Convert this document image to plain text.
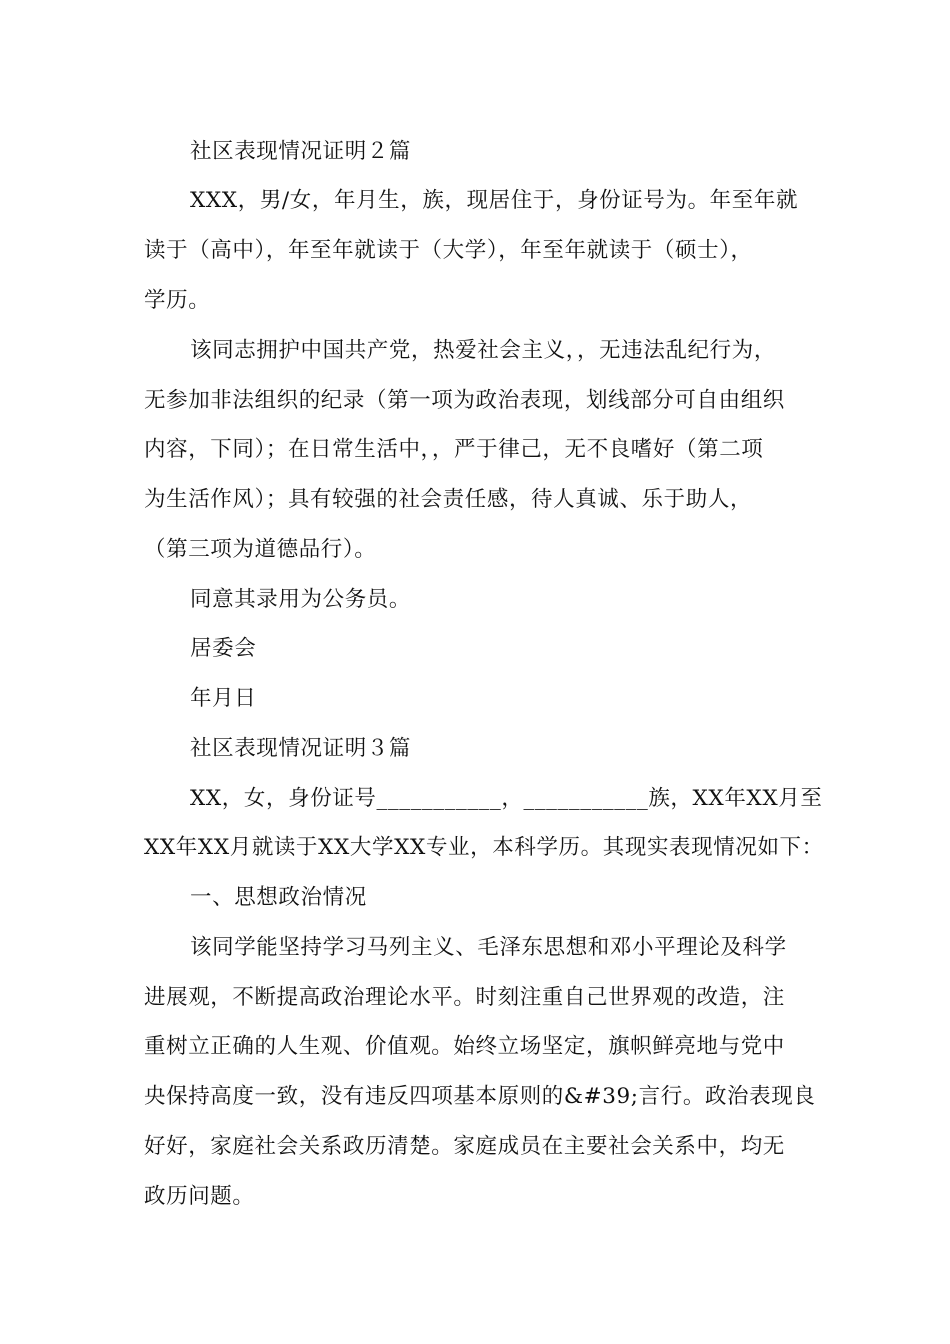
社区表现情况证明２篇
XXX，男/女，年月生，族，现居住于，身份证号为。年至年就
读于（高中），年至年就读于（大学），年至年就读于（硕士），
学历。
该同志拥护中国共产党，热爱社会主义，，无违法乱纪行为，
无参加非法组织的纪录（第一项为政治表现，划线部分可自由组织
内容，下同）；在日常生活中，，严于律己，无不良嗜好（第二项
为生活作风）；具有较强的社会责任感，待人真诚、乐于助人，
（第三项为道德品行）。
同意其录用为公务员。
居委会
年月日
社区表现情况证明３篇
XX，女，身份证号___________，___________族，XX年XX月至
XX年XX月就读于XX大学XX专业，本科学历。其现实表现情况如下：
一、思想政治情况
该同学能坚持学习马列主义、毛泽东思想和邓小平理论及科学
进展观，不断提高政治理论水平。时刻注重自己世界观的改造，注
重树立正确的人生观、价值观。始终立场坚定，旗帜鲜亮地与党中
央保持高度一致，没有违反四项基本原则的&#39;言行。政治表现良
好好，家庭社会关系政历清楚。家庭成员在主要社会关系中，均无
政历问题。
